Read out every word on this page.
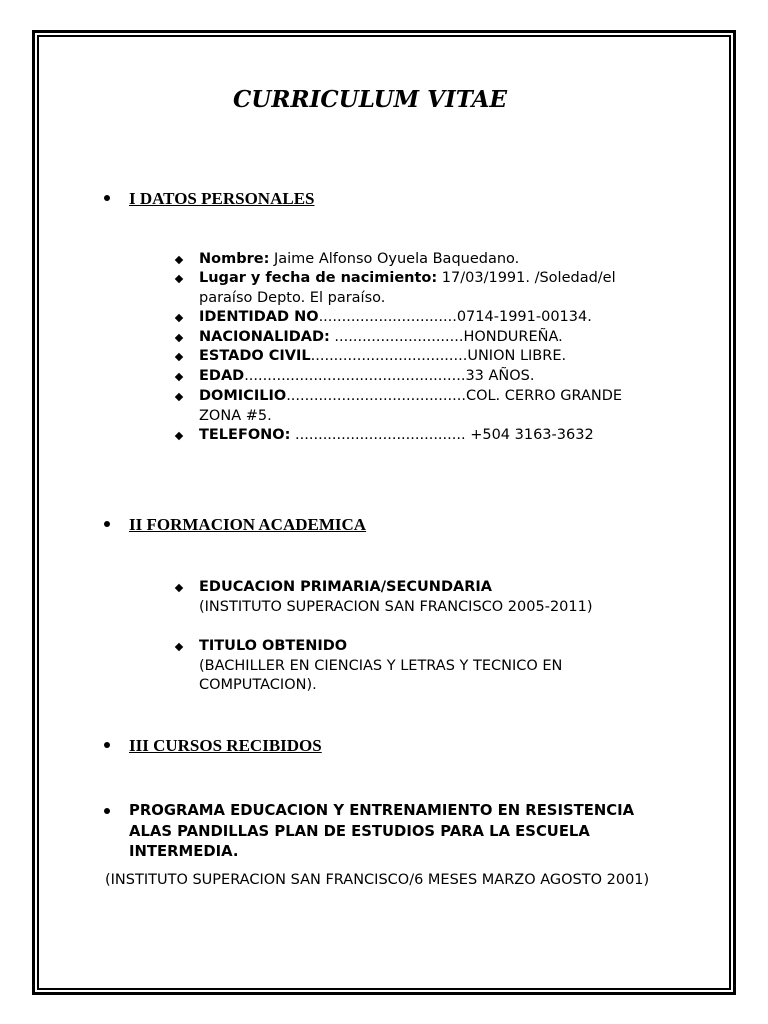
CURRICULUM VITAE
I DATOS PERSONALES
Nombre: Jaime Alfonso Oyuela Baquedano.
Lugar y fecha de nacimiento: 17/03/1991. /Soledad/el paraíso Depto. El paraíso.
IDENTIDAD NO..............................0714-1991-00134.
NACIONALIDAD: ............................HONDUREÑA.
ESTADO CIVIL..................................UNION LIBRE.
EDAD................................................33 AÑOS.
DOMICILIO.......................................COL. CERRO GRANDE ZONA #5.
TELEFONO: ..................................... +504 3163-3632
II FORMACION ACADEMICA
EDUCACION PRIMARIA/SECUNDARIA
(INSTITUTO SUPERACION SAN FRANCISCO 2005-2011)
TITULO OBTENIDO
(BACHILLER EN CIENCIAS Y LETRAS Y TECNICO EN COMPUTACION).
III CURSOS RECIBIDOS
PROGRAMA EDUCACION Y ENTRENAMIENTO EN RESISTENCIA ALAS PANDILLAS PLAN DE ESTUDIOS PARA LA ESCUELA INTERMEDIA.
(INSTITUTO SUPERACION SAN FRANCISCO/6 MESES MARZO AGOSTO 2001)
